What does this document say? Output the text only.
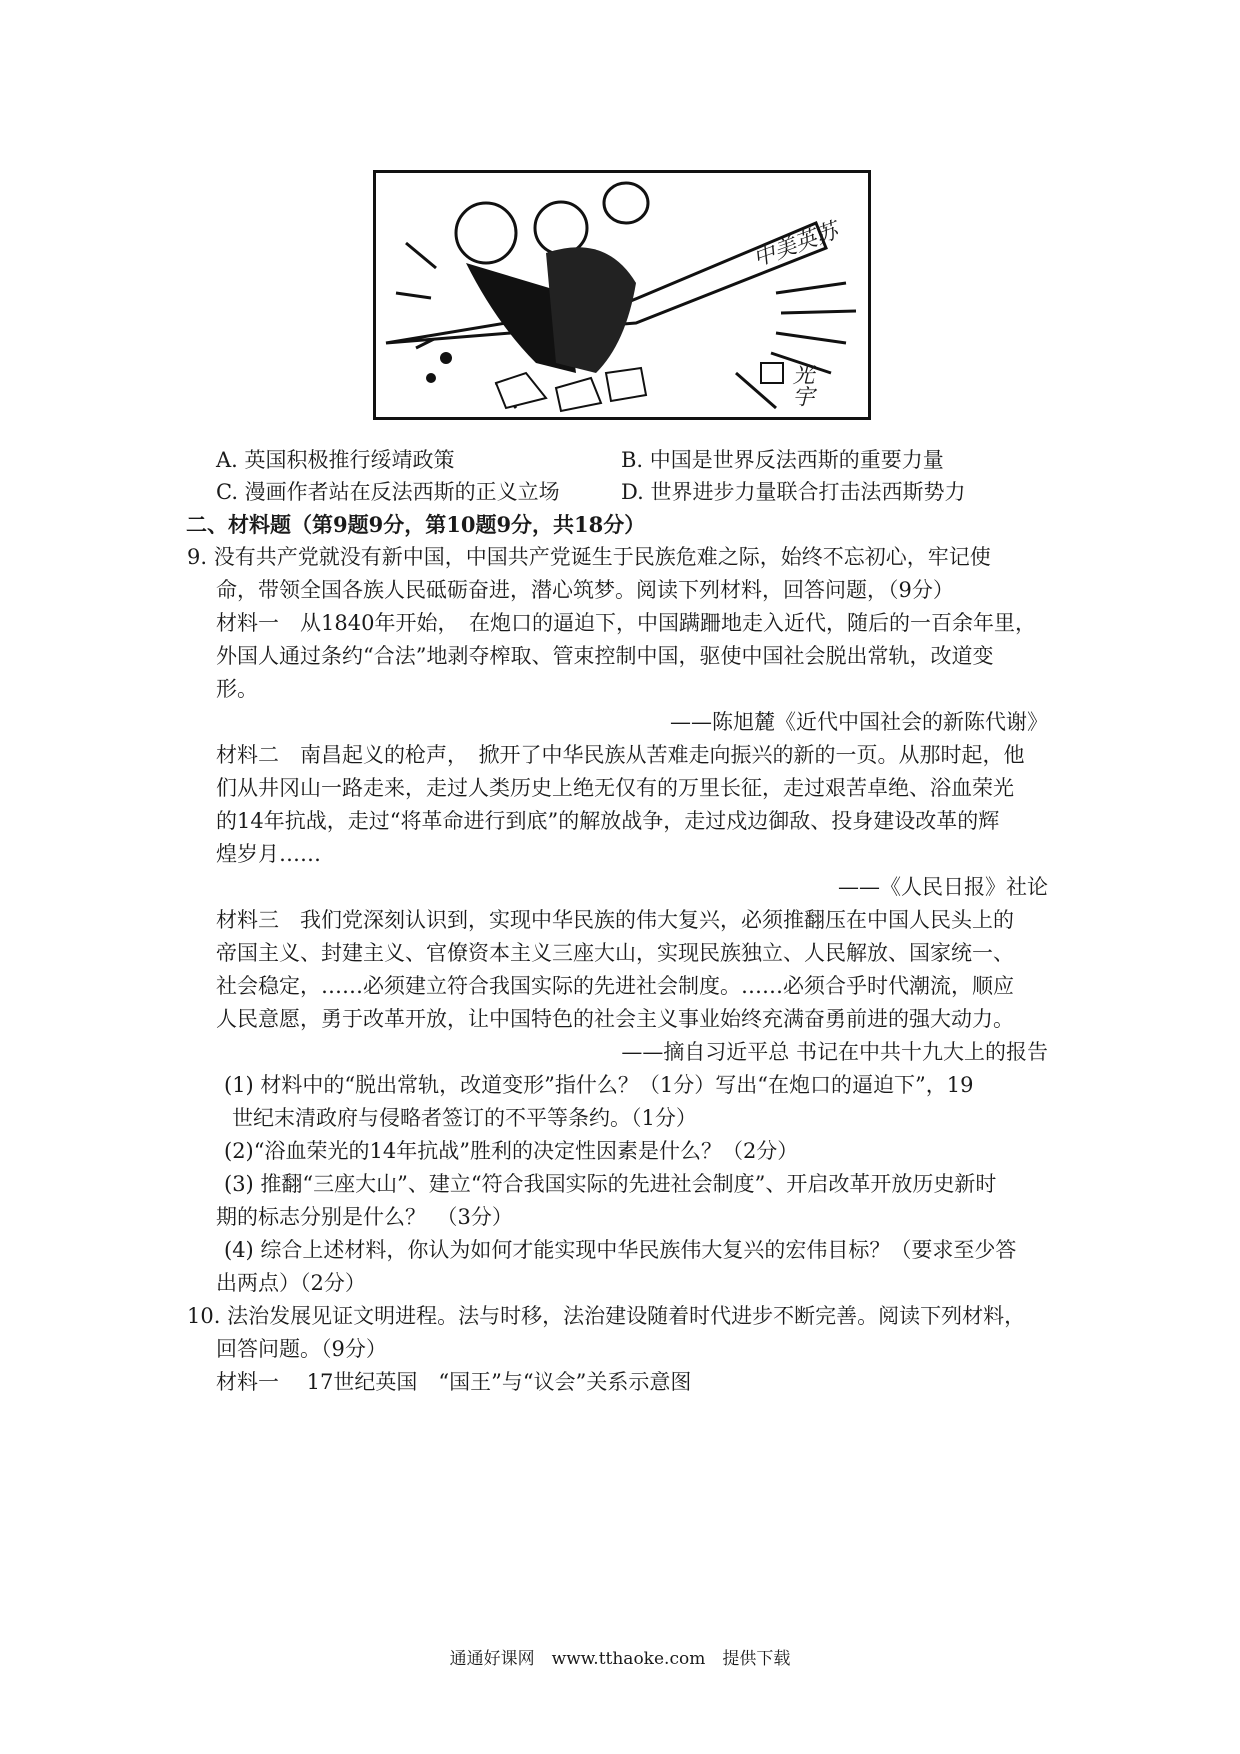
中美英苏
光宇
A. 英国积极推行绥靖政策	B. 中国是世界反法西斯的重要力量
C. 漫画作者站在反法西斯的正义立场	D. 世界进步力量联合打击法西斯势力
二、材料题（第9题9分，第10题9分，共18分）
9. 没有共产党就没有新中国，中国共产党诞生于民族危难之际，始终不忘初心，牢记使
命，带领全国各族人民砥砺奋进，潜心筑梦。阅读下列材料，回答问题，（9分）
材料一　从1840年开始，　在炮口的逼迫下，中国蹒跚地走入近代，随后的一百余年里，
外国人通过条约“合法”地剥夺榨取、管束控制中国，驱使中国社会脱出常轨，改道变
形。
——陈旭麓《近代中国社会的新陈代谢》
材料二　南昌起义的枪声，　掀开了中华民族从苦难走向振兴的新的一页。从那时起，他
们从井冈山一路走来，走过人类历史上绝无仅有的万里长征，走过艰苦卓绝、浴血荣光
的14年抗战，走过“将革命进行到底”的解放战争，走过戍边御敌、投身建设改革的辉
煌岁月……
——《人民日报》社论
材料三　我们党深刻认识到，实现中华民族的伟大复兴，必须推翻压在中国人民头上的
帝国主义、封建主义、官僚资本主义三座大山，实现民族独立、人民解放、国家统一、
社会稳定，……必须建立符合我国实际的先进社会制度。……必须合乎时代潮流，顺应
人民意愿，勇于改革开放，让中国特色的社会主义事业始终充满奋勇前进的强大动力。
——摘自习近平总 书记在中共十九大上的报告
(1) 材料中的“脱出常轨，改道变形”指什么？（1分）写出“在炮口的逼迫下”，19
世纪末清政府与侵略者签订的不平等条约。（1分）
(2)“浴血荣光的14年抗战”胜利的决定性因素是什么？（2分）
(3) 推翻“三座大山”、建立“符合我国实际的先进社会制度”、开启改革开放历史新时
期的标志分别是什么？　（3分）
(4) 综合上述材料，你认为如何才能实现中华民族伟大复兴的宏伟目标？（要求至少答
出两点）（2分）
10. 法治发展见证文明进程。法与时移，法治建设随着时代进步不断完善。阅读下列材料，
回答问题。（9分）
材料一　 17世纪英国　“国王”与“议会”关系示意图
通通好课网　www.tthaoke.com　提供下载
